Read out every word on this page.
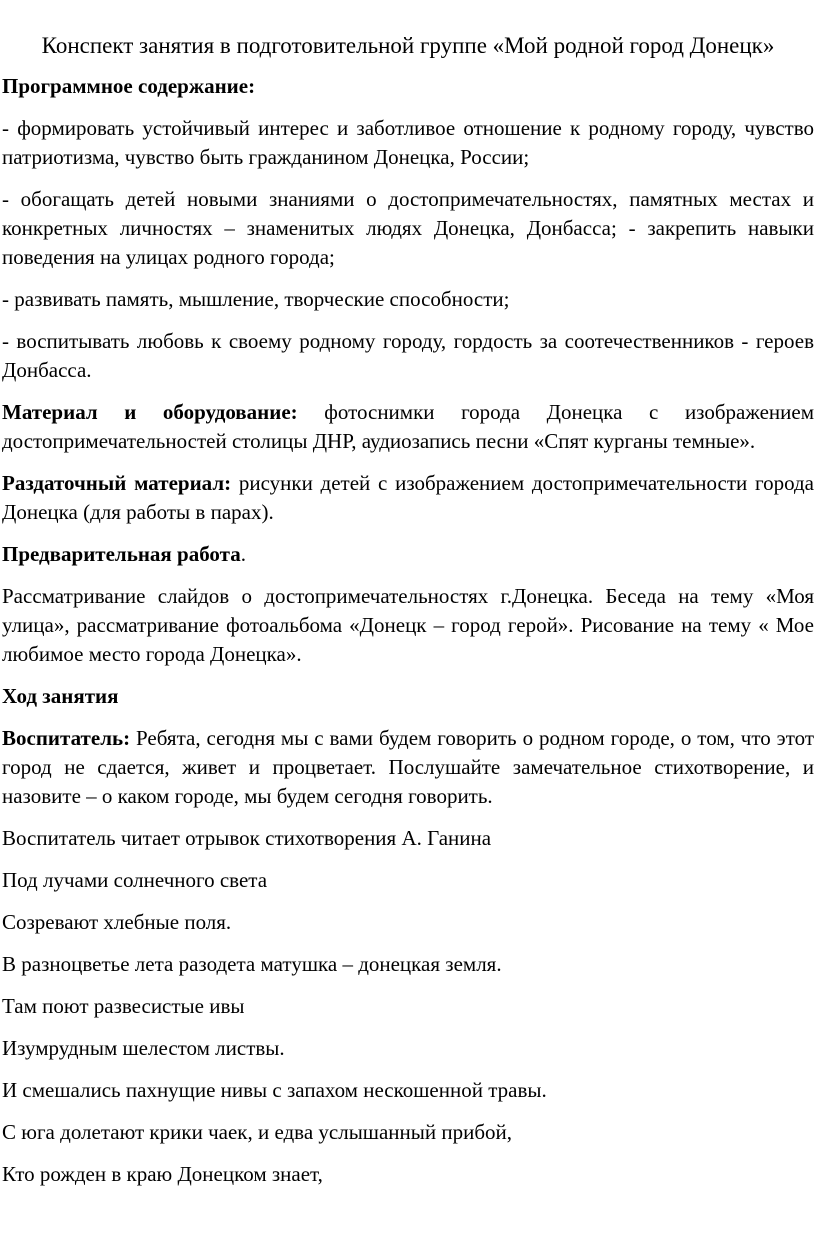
Конспект занятия в подготовительной группе «Мой родной город Донецк»

Программное содержание:

- формировать устойчивый интерес и заботливое отношение к родному городу, чувство патриотизма, чувство быть гражданином Донецка, России;

- обогащать детей новыми знаниями о достопримечательностях, памятных местах и конкретных личностях – знаменитых людях Донецка, Донбасса; - закрепить навыки поведения на улицах родного города;

- развивать память, мышление, творческие способности;

- воспитывать любовь к своему родному городу, гордость за соотечественников - героев Донбасса.

Материал и оборудование: фотоснимки города Донецка с изображением достопримечательностей столицы ДНР, аудиозапись песни «Спят курганы темные».

Раздаточный материал: рисунки детей с изображением достопримечательности города Донецка (для работы в парах).

Предварительная работа.

Рассматривание слайдов о достопримечательностях г.Донецка. Беседа на тему «Моя улица», рассматривание фотоальбома «Донецк – город герой». Рисование на тему « Мое любимое место города Донецка».

Ход занятия

Воспитатель: Ребята, сегодня мы с вами будем говорить о родном городе, о том, что этот город не сдается, живет и процветает. Послушайте замечательное стихотворение, и назовите – о каком городе, мы будем сегодня говорить.

Воспитатель читает отрывок стихотворения А. Ганина

Под лучами солнечного света

Созревают хлебные поля.

В разноцветье лета разодета матушка – донецкая земля.

Там поют развесистые ивы

Изумрудным шелестом листвы.

И смешались пахнущие нивы с запахом нескошенной травы.

С юга долетают крики чаек, и едва услышанный прибой,

Кто рожден в краю Донецком знает,
